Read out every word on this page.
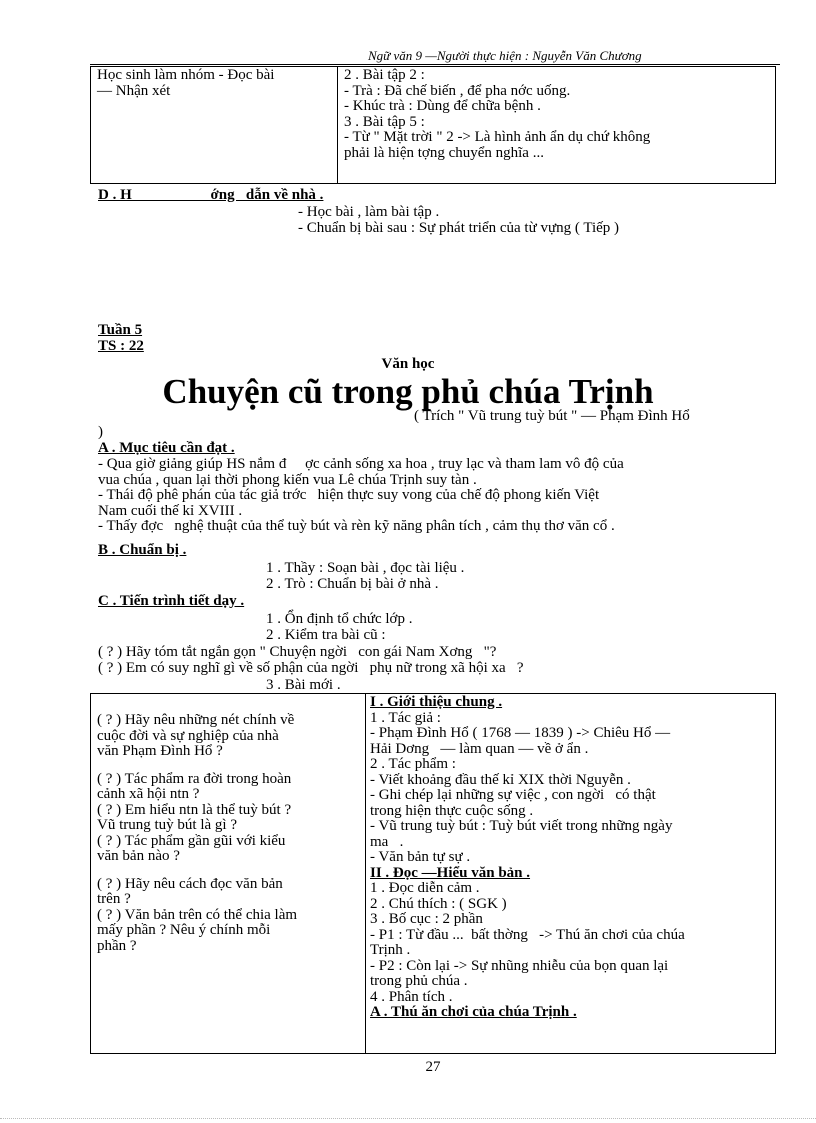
Ngữ văn 9 —Người thực hiện : Nguyễn Văn Chương
Học sinh làm nhóm - Đọc bài
— Nhận xét

2 . Bài tập 2 :
- Trà : Đã chế biến , để pha nớc uống.
- Khúc trà : Dùng để chữa bệnh .
3 . Bài tập 5 :
- Từ " Mặt trời " 2 -> Là hình ảnh ẩn dụ chứ không
phải là hiện tợng chuyển nghĩa ...
D . H                     ớng   dẫn về nhà .
- Học bài , làm bài tập .
- Chuẩn bị bài sau : Sự phát triển của từ vựng ( Tiếp )
Tuần 5
TS : 22
Văn học
Chuyện cũ trong phủ chúa Trịnh
( Trích " Vũ trung tuỳ bút " — Phạm Đình Hổ
)
A . Mục tiêu cần đạt .
- Qua giờ giảng giúp HS nắm đ     ợc cảnh sống xa hoa , truy lạc và tham lam vô độ của
vua chúa , quan lại thời phong kiến vua Lê chúa Trịnh suy tàn .
- Thái độ phê phán của tác giả trớc   hiện thực suy vong của chế độ phong kiến Việt
Nam cuối thế kỉ XVIII .
- Thấy đợc   nghệ thuật của thể tuỳ bút và rèn kỹ năng phân tích , cảm thụ thơ văn cổ .
B . Chuẩn bị .
1 . Thầy : Soạn bài , đọc tài liệu .
2 . Trò : Chuẩn bị bài ở nhà .
C . Tiến trình tiết dạy .
1 . Ổn định tổ chức lớp .
2 . Kiểm tra bài cũ :
( ? ) Hãy tóm tắt ngắn gọn " Chuyện ngời   con gái Nam Xơng   "?
( ? ) Em có suy nghĩ gì về số phận của ngời   phụ nữ trong xã hội xa   ?
3 . Bài mới .
( ? ) Hãy nêu những nét chính về
cuộc đời và sự nghiệp của nhà
văn Phạm Đình Hổ ?
( ? ) Tác phẩm ra đời trong hoàn
cảnh xã hội ntn ?
( ? ) Em hiểu ntn là thể tuỳ bút ?
Vũ trung tuỳ bút là gì ?
( ? ) Tác phẩm gần gũi với kiểu
văn bản nào ?
( ? ) Hãy nêu cách đọc văn bản
trên ?
( ? ) Văn bản trên có thể chia làm
mấy phần ? Nêu ý chính mỗi
phần ?

I . Giới thiệu chung .
1 . Tác giả :
- Phạm Đình Hổ ( 1768 — 1839 ) -> Chiêu Hổ —
Hải Dơng   — làm quan — về ở ẩn .
2 . Tác phẩm :
- Viết khoảng đầu thế kỉ XIX thời Nguyễn .
- Ghi chép lại những sự việc , con ngời   có thật
trong hiện thực cuộc sống .
- Vũ trung tuỳ bút : Tuỳ bút viết trong những ngày
ma   .
- Văn bản tự sự .
II . Đọc —Hiểu văn bản .
1 . Đọc diễn cảm .
2 . Chú thích : ( SGK )
3 . Bố cục : 2 phần
- P1 : Từ đầu ...  bất thờng   -> Thú ăn chơi của chúa
Trịnh .
- P2 : Còn lại -> Sự nhũng nhiễu của bọn quan lại
trong phủ chúa .
4 . Phân tích .
A . Thú ăn chơi của chúa Trịnh .
27
